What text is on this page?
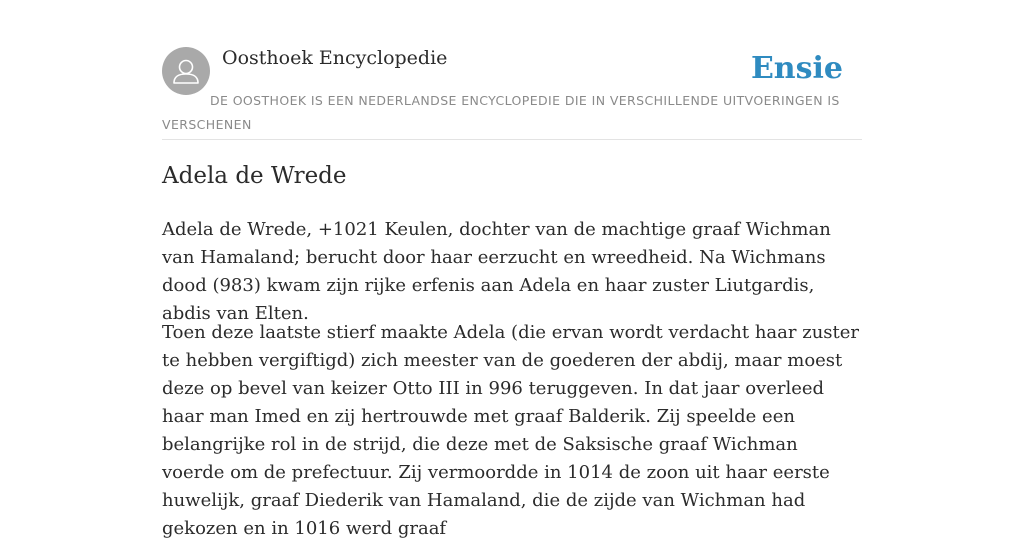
Oosthoek Encyclopedie	Ensie
DE OOSTHOEK IS EEN NEDERLANDSE ENCYCLOPEDIE DIE IN VERSCHILLENDE UITVOERINGEN IS VERSCHENEN
Adela de Wrede

Adela de Wrede, +1021 Keulen, dochter van de machtige graaf Wichman van Hamaland; berucht door haar eerzucht en wreedheid. Na Wichmans dood (983) kwam zijn rijke erfenis aan Adela en haar zuster Liutgardis, abdis van Elten.

Toen deze laatste stierf maakte Adela (die ervan wordt verdacht haar zuster te hebben vergiftigd) zich meester van de goederen der abdij, maar moest deze op bevel van keizer Otto III in 996 teruggeven. In dat jaar overleed haar man Imed en zij hertrouwde met graaf Balderik. Zij speelde een belangrijke rol in de strijd, die deze met de Saksische graaf Wichman voerde om de prefectuur. Zij vermoordde in 1014 de zoon uit haar eerste huwelijk, graaf Diederik van Hamaland, die de zijde van Wichman had gekozen en in 1016 werd graaf
